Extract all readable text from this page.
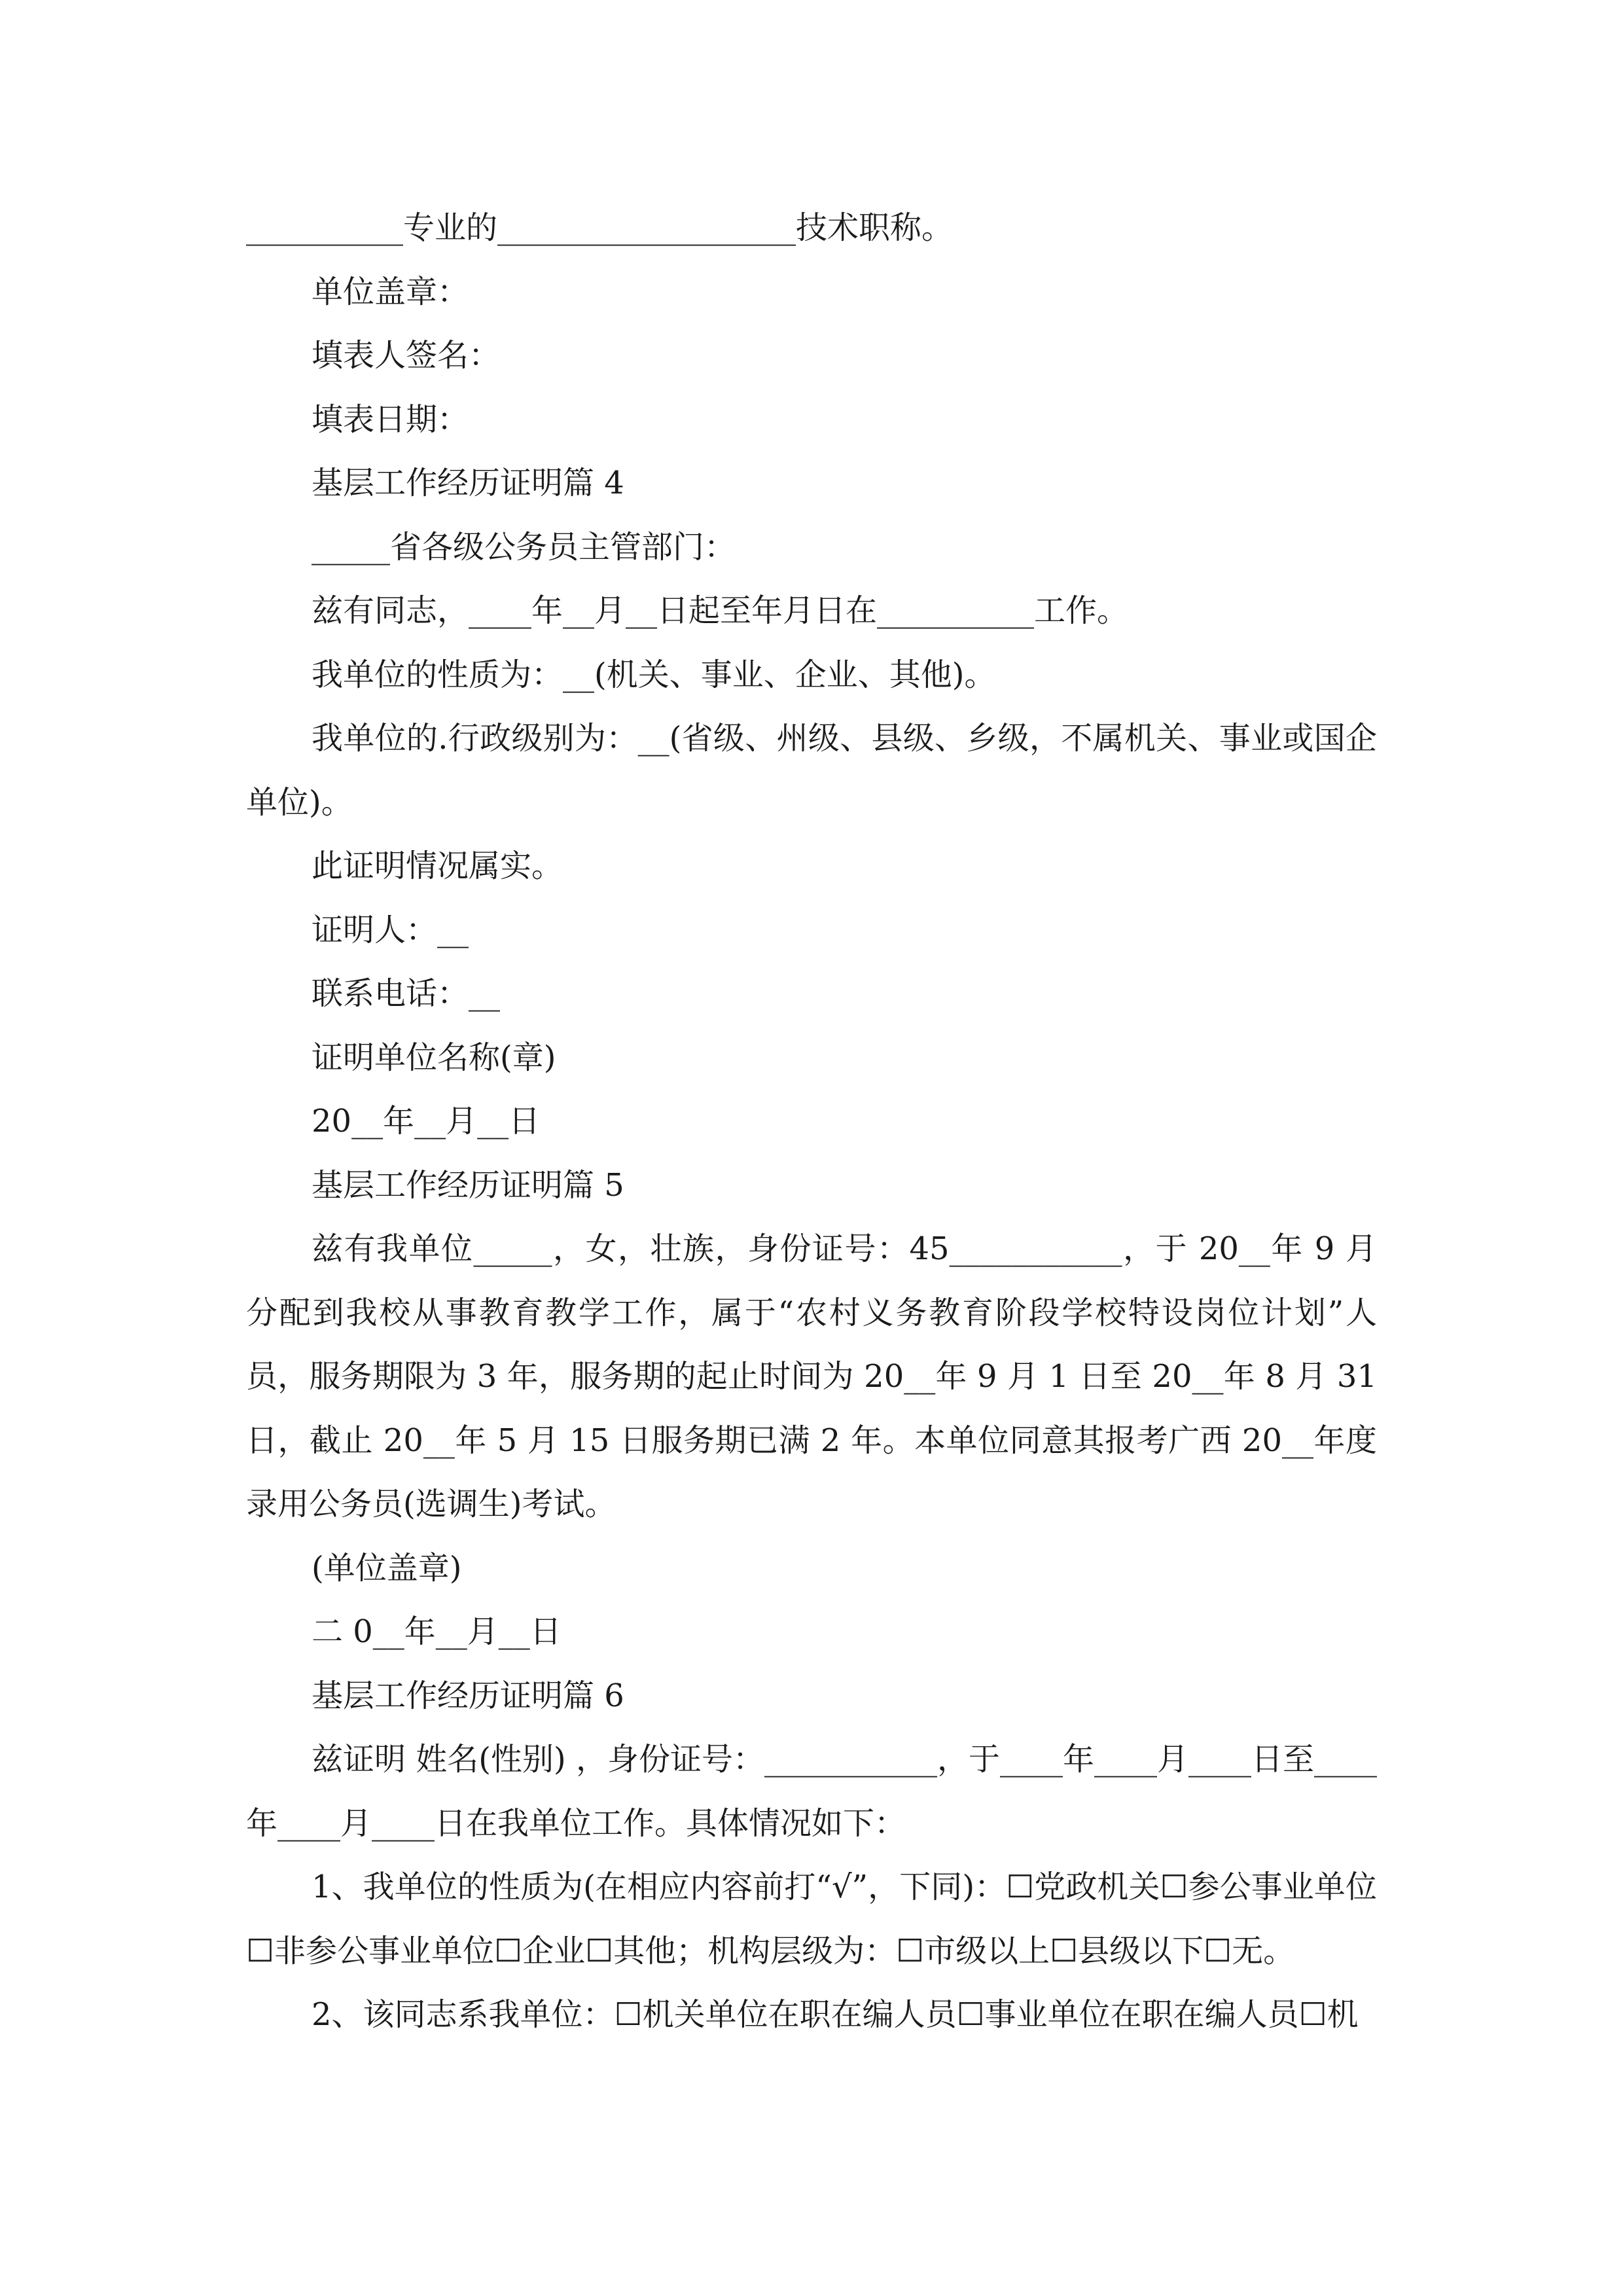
__________专业的___________________技术职称。

单位盖章：

填表人签名：

填表日期：

基层工作经历证明篇 4

_____省各级公务员主管部门：

兹有同志，____年__月__日起至年月日在__________工作。

我单位的性质为：__(机关、事业、企业、其他)。

我单位的.行政级别为：__(省级、州级、县级、乡级，不属机关、事业或国企单位)。

此证明情况属实。

证明人：__

联系电话：__

证明单位名称(章)

20__年__月__日

基层工作经历证明篇 5

兹有我单位_____，女，壮族，身份证号：45___________，于 20__年 9 月分配到我校从事教育教学工作，属于“农村义务教育阶段学校特设岗位计划”人员，服务期限为 3 年，服务期的起止时间为 20__年 9 月 1 日至 20__年 8 月 31 日，截止 20__年 5 月 15 日服务期已满 2 年。本单位同意其报考广西 20__年度录用公务员(选调生)考试。

(单位盖章)

二 0__年__月__日

基层工作经历证明篇 6

兹证明 姓名(性别) ，身份证号：___________，于____年____月____日至____年____月____日在我单位工作。具体情况如下：

1、我单位的性质为(在相应内容前打“√”，下同)：☐党政机关☐参公事业单位☐非参公事业单位☐企业☐其他；机构层级为：☐市级以上☐县级以下☐无。

2、该同志系我单位：☐机关单位在职在编人员☐事业单位在职在编人员☐机
